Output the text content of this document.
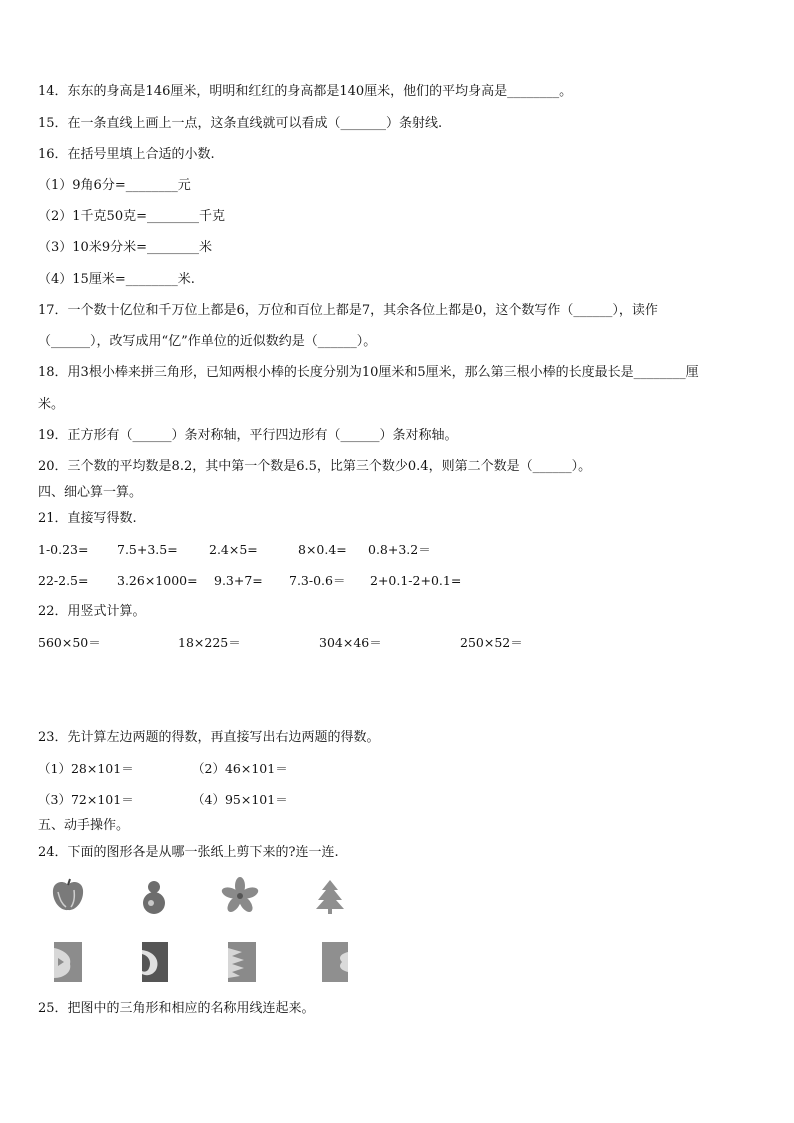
14．东东的身高是146厘米，明明和红红的身高都是140厘米，他们的平均身高是________。
15．在一条直线上画上一点，这条直线就可以看成（_______）条射线.
16．在括号里填上合适的小数.
（1）9角6分=________元
（2）1千克50克=________千克
（3）10米9分米=________米
（4）15厘米=________米.
17．一个数十亿位和千万位上都是6，万位和百位上都是7，其余各位上都是0，这个数写作（______），读作
（______），改写成用“亿”作单位的近似数约是（______）。
18．用3根小棒来拼三角形，已知两根小棒的长度分别为10厘米和5厘米，那么第三根小棒的长度最长是________厘
米。
19．正方形有（______）条对称轴，平行四边形有（______）条对称轴。
20．三个数的平均数是8.2，其中第一个数是6.5，比第三个数少0.4，则第二个数是（______）。
四、细心算一算。
21．直接写得数.
1-0.23= 7.5+3.5=	2.4×5=	8×0.4= 0.8+3.2＝
22-2.5= 3.26×1000= 9.3+7= 7.3-0.6＝ 2+0.1-2+0.1=
22．用竖式计算。
560×50＝	18×225＝	304×46＝	250×52＝
23．先计算左边两题的得数，再直接写出右边两题的得数。
（1）28×101＝	（2）46×101＝
（3）72×101＝	（4）95×101＝
五、动手操作。
24．下面的图形各是从哪一张纸上剪下来的?连一连.
25．把图中的三角形和相应的名称用线连起来。
